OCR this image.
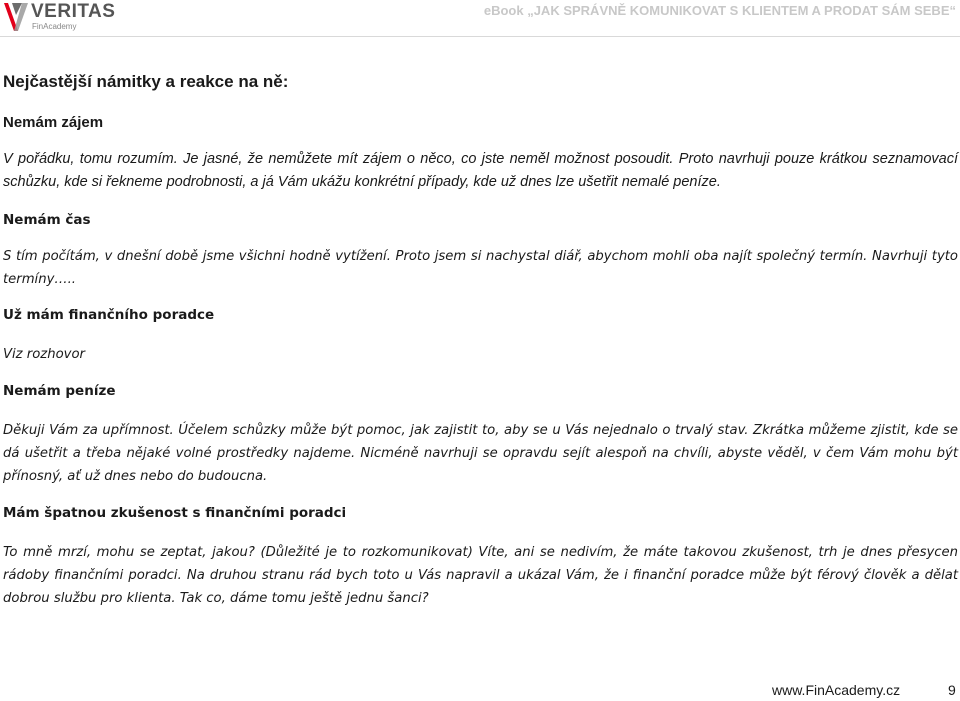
VERITAS
FinAcademy
eBook „JAK SPRÁVNĚ KOMUNIKOVAT S KLIENTEM A PRODAT SÁM SEBE“
Nejčastější námitky a reakce na ně:
Nemám zájem
V pořádku, tomu rozumím. Je jasné, že nemůžete mít zájem o něco, co jste neměl možnost posoudit. Proto navrhuji pouze krátkou seznamovací schůzku, kde si řekneme podrobnosti, a já Vám ukážu konkrétní případy, kde už dnes lze ušetřit nemalé peníze.
Nemám čas
S tím počítám, v dnešní době jsme všichni hodně vytížení. Proto jsem si nachystal diář, abychom mohli oba najít společný termín. Navrhuji tyto termíny…..
Už mám finančního poradce
Viz rozhovor
Nemám peníze
Děkuji Vám za upřímnost. Účelem schůzky může být pomoc, jak zajistit to, aby se u Vás nejednalo o trvalý stav. Zkrátka můžeme zjistit, kde se dá ušetřit a třeba nějaké volné prostředky najdeme. Nicméně navrhuji se opravdu sejít alespoň na chvíli, abyste věděl, v čem Vám mohu být přínosný, ať už dnes nebo do budoucna.
Mám špatnou zkušenost s finančními poradci
To mně mrzí, mohu se zeptat, jakou? (Důležité je to rozkomunikovat) Víte, ani se nedivím, že máte takovou zkušenost, trh je dnes přesycen rádoby finančními poradci. Na druhou stranu rád bych toto u Vás napravil a ukázal Vám, že i finanční poradce může být férový člověk a dělat dobrou službu pro klienta. Tak co, dáme tomu ještě jednu šanci?
www.FinAcademy.cz	9
